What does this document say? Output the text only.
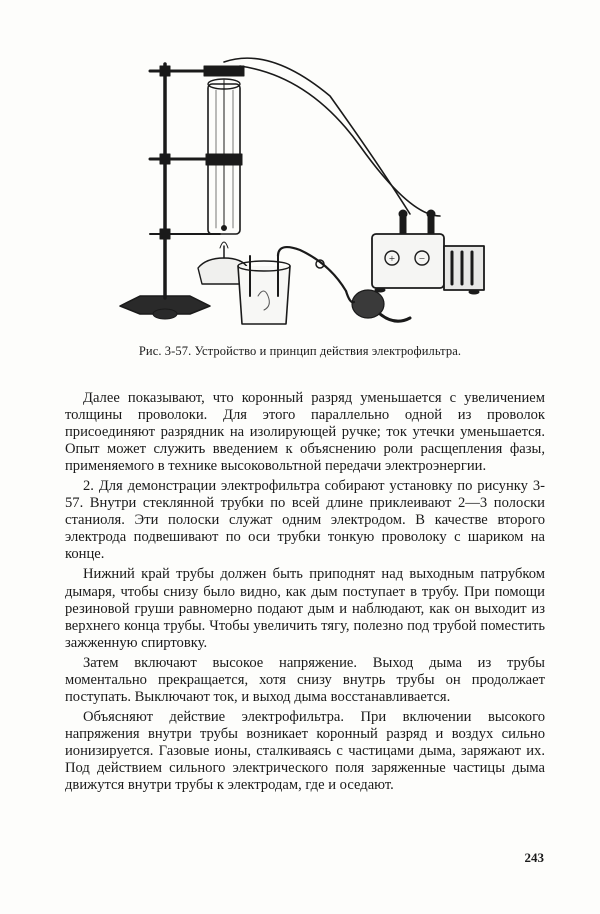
+ −
Рис. 3-57. Устройство и принцип действия электрофильтра.

Далее показывают, что коронный разряд уменьшается с увеличением толщины проволоки. Для этого параллельно одной из проволок присоединяют разрядник на изолирующей ручке; ток утечки уменьшается. Опыт может служить введением к объяснению роли расщепления фазы, применяемого в технике высоковольтной передачи электроэнергии.

2. Для демонстрации электрофильтра собирают установку по рисунку 3-57. Внутри стеклянной трубки по всей длине приклеивают 2—3 полоски станиоля. Эти полоски служат одним электродом. В качестве второго электрода подвешивают по оси трубки тонкую проволоку с шариком на конце.

Нижний край трубы должен быть приподнят над выходным патрубком дымаря, чтобы снизу было видно, как дым поступает в трубу. При помощи резиновой груши равномерно подают дым и наблюдают, как он выходит из верхнего конца трубы. Чтобы увеличить тягу, полезно под трубой поместить зажженную спиртовку.

Затем включают высокое напряжение. Выход дыма из трубы моментально прекращается, хотя снизу внутрь трубы он продолжает поступать. Выключают ток, и выход дыма восстанавливается.

Объясняют действие электрофильтра. При включении высокого напряжения внутри трубы возникает коронный разряд и воздух сильно ионизируется. Газовые ионы, сталкиваясь с частицами дыма, заряжают их. Под действием сильного электрического поля заряженные частицы дыма движутся внутри трубы к электродам, где и оседают.

243
